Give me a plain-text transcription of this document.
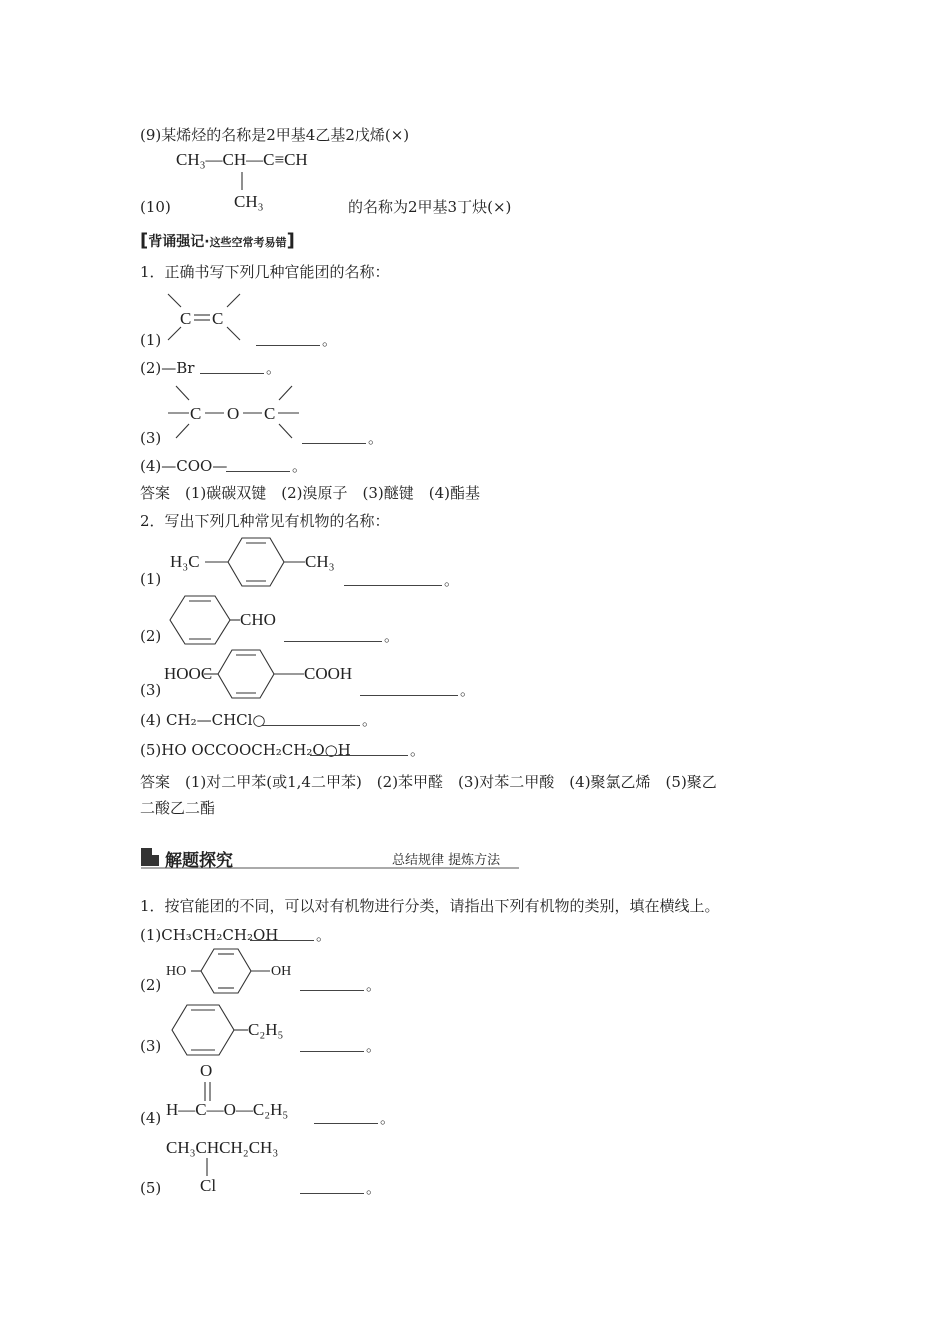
(9)某烯烃的名称是2甲基4乙基2戊烯(×)
CH₃—CH—C≡CH
CH₃
(10)	的名称为2甲基3丁炔(×)
[背诵强记·这些空常考易错]
1．正确书写下列几种官能团的名称：
C C
C O C
(1)	。
(2)—Br	。
(3)	。
(4)—COO—	。
答案　(1)碳碳双键　(2)溴原子　(3)醚键　(4)酯基
2．写出下列几种常见有机物的名称：
(1)
H₃C	CH₃
。
(2)
CHO
。
(3)
HOOC	COOH
。
(4) CH₂—CHCl○	。
(5)HO OCCOOCH₂CH₂O○H	。
答案　(1)对二甲苯(或1,4二甲苯)　(2)苯甲醛　(3)对苯二甲酸　(4)聚氯乙烯　(5)聚乙
二酸乙二酯
解题探究	总结规律 提炼方法
1．按官能团的不同，可以对有机物进行分类，请指出下列有机物的类别，填在横线上。
(1)CH₃CH₂CH₂OH	。
(2)
HO	OH
。
(3)
C₂H₅
。
O
(4) H—C—O—C₂H₅	。
CH₃CHCH₂CH₃
Cl
(5)	。
